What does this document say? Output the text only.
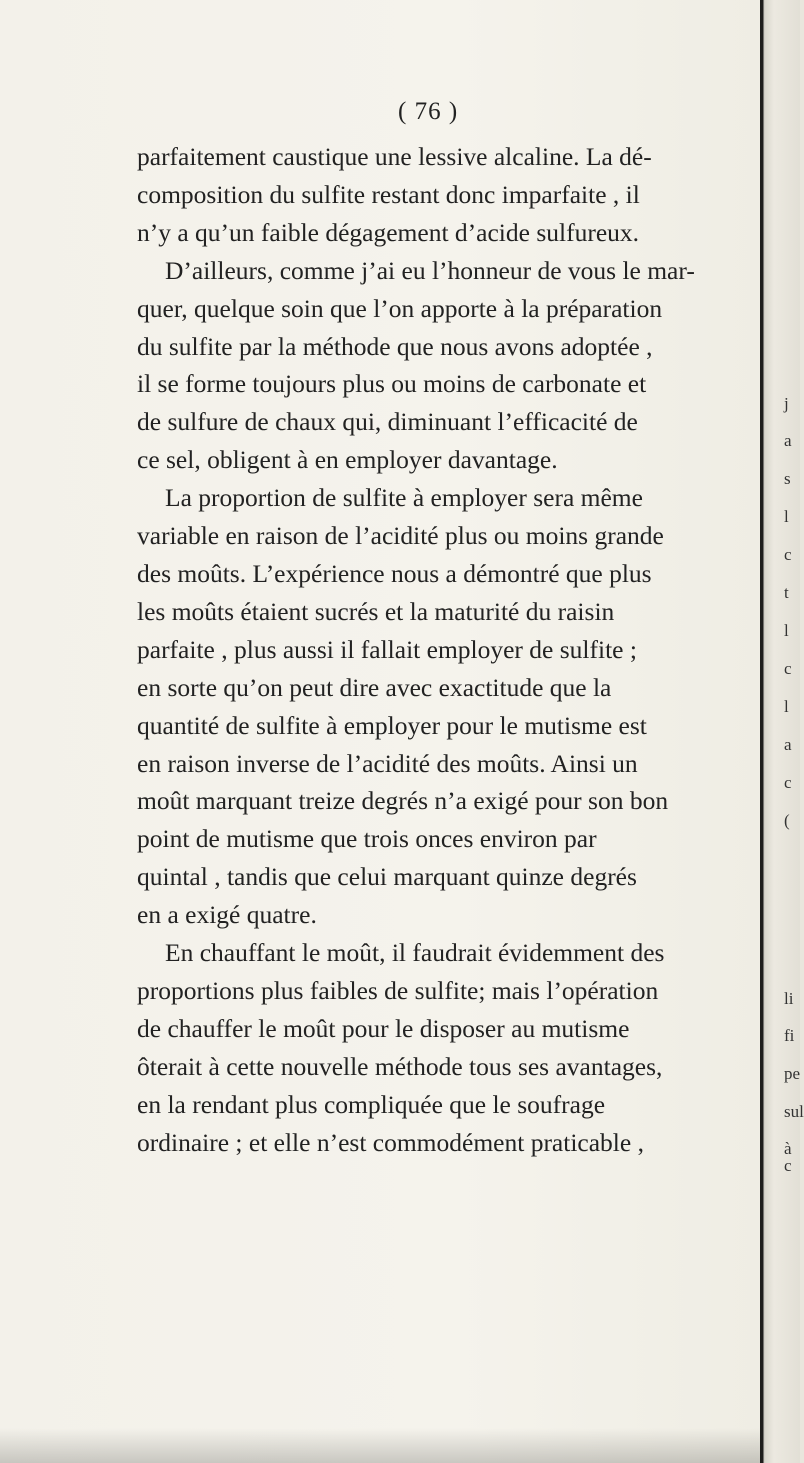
( 76 )
parfaitement caustique une lessive alcaline. La dé-
composition du sulfite restant donc imparfaite , il
n’y a qu’un faible dégagement d’acide sulfureux.
D’ailleurs, comme j’ai eu l’honneur de vous le mar-
quer, quelque soin que l’on apporte à la préparation
du sulfite par la méthode que nous avons adoptée ,
il se forme toujours plus ou moins de carbonate et
de sulfure de chaux qui, diminuant l’efficacité de
ce sel, obligent à en employer davantage.
La proportion de sulfite à employer sera même
variable en raison de l’acidité plus ou moins grande
des moûts. L’expérience nous a démontré que plus
les moûts étaient sucrés et la maturité du raisin
parfaite , plus aussi il fallait employer de sulfite ;
en sorte qu’on peut dire avec exactitude que la
quantité de sulfite à employer pour le mutisme est
en raison inverse de l’acidité des moûts. Ainsi un
moût marquant treize degrés n’a exigé pour son bon
point de mutisme que trois onces environ par
quintal , tandis que celui marquant quinze degrés
en a exigé quatre.
En chauffant le moût, il faudrait évidemment des
proportions plus faibles de sulfite; mais l’opération
de chauffer le moût pour le disposer au mutisme
ôterait à cette nouvelle méthode tous ses avantages,
en la rendant plus compliquée que le soufrage
ordinaire ; et elle n’est commodément praticable ,
j
a
s
l
c
t
l
c
l
a
c
(
li
fi
pe
sul
à c
